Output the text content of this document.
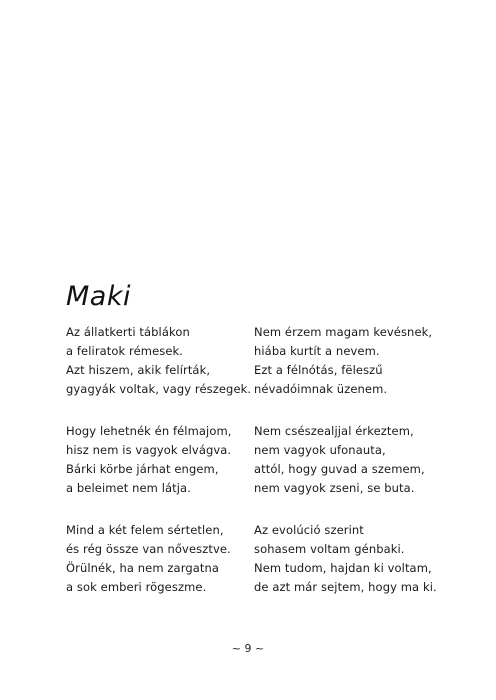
Maki
Az állatkerti táblákon
a feliratok rémesek.
Azt hiszem, akik felírták,
gyagyák voltak, vagy részegek.
Hogy lehetnék én félmajom,
hisz nem is vagyok elvágva.
Bárki körbe járhat engem,
a beleimet nem látja.
Mind a két felem sértetlen,
és rég össze van nővesztve.
Örülnék, ha nem zargatna
a sok emberi rögeszme.
Nem érzem magam kevésnek,
hiába kurtít a nevem.
Ezt a félnótás, fëleszű
névadóimnak üzenem.
Nem csészealjjal érkeztem,
nem vagyok ufonauta,
attól, hogy guvad a szemem,
nem vagyok zseni, se buta.
Az evolúció szerint
sohasem voltam génbaki.
Nem tudom, hajdan ki voltam,
de azt már sejtem, hogy ma ki.
~ 9 ~
